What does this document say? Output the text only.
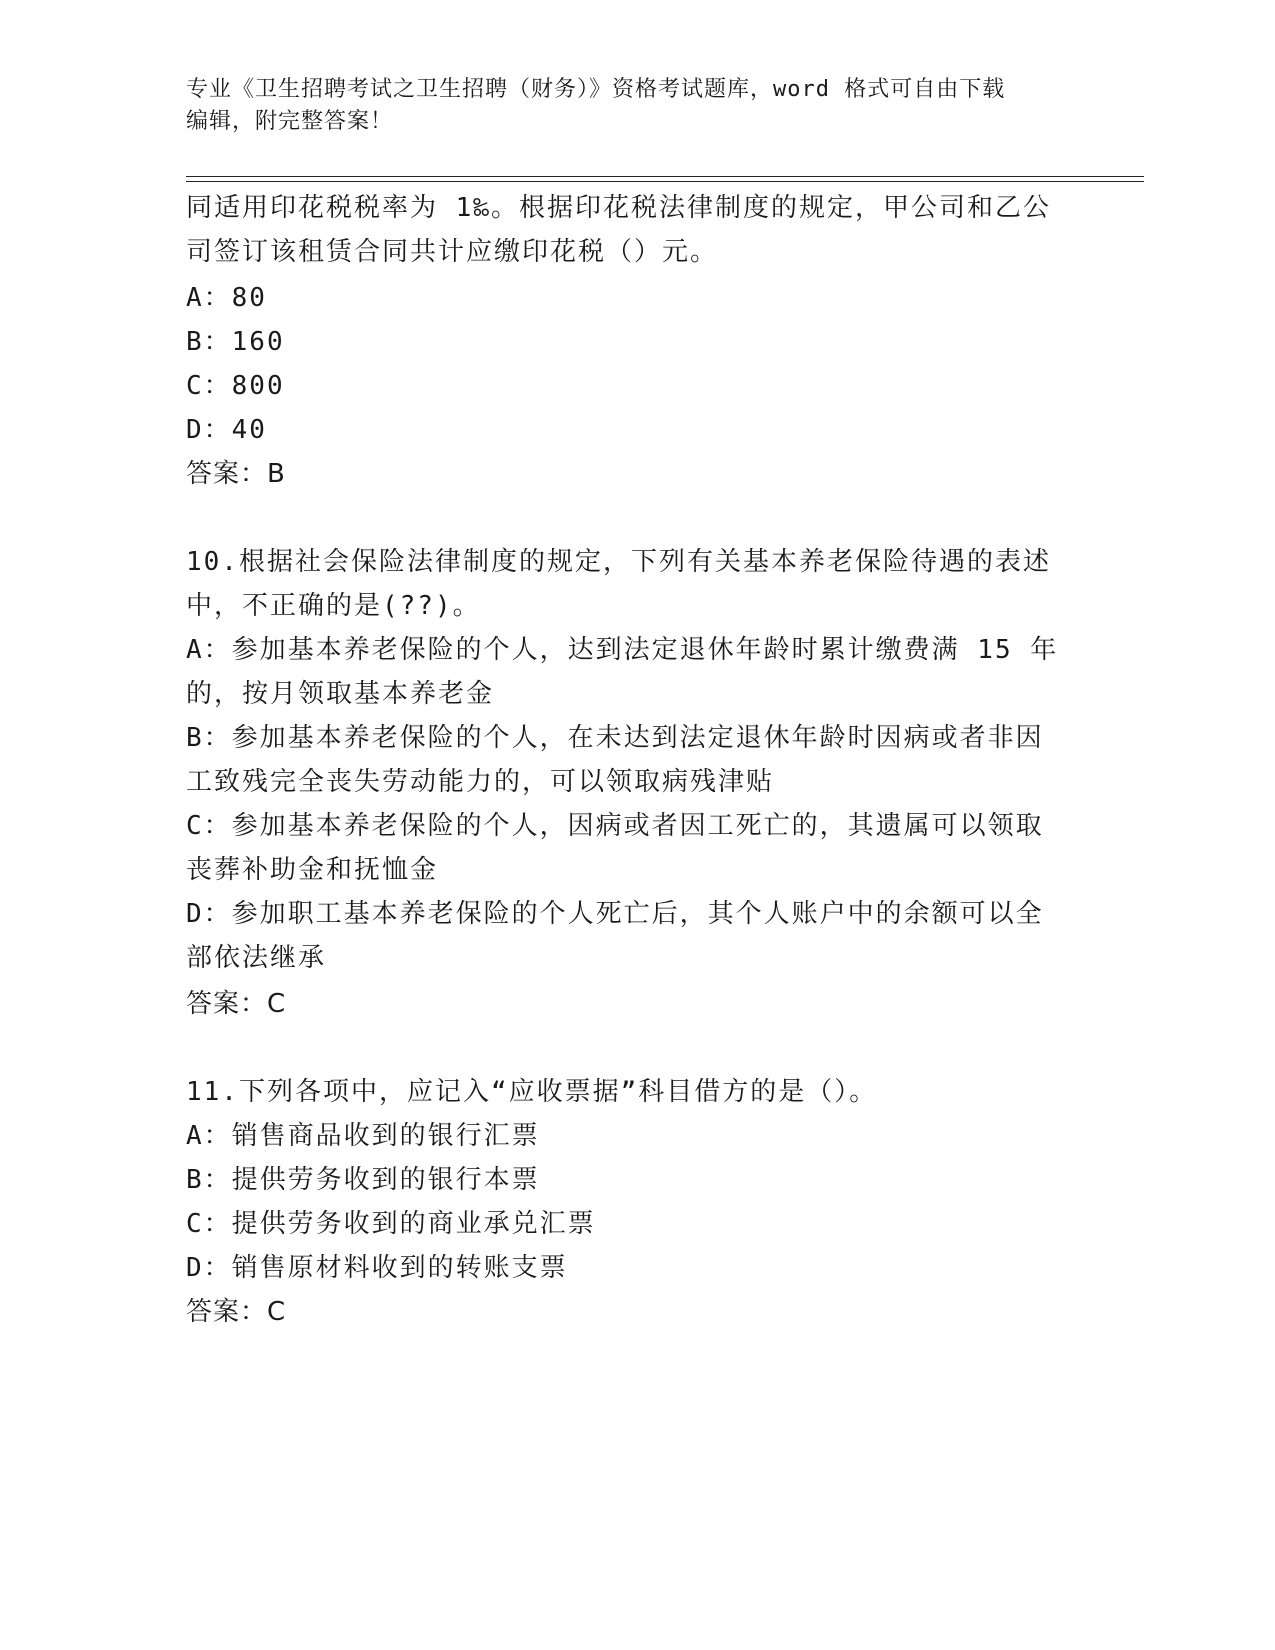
专业《卫生招聘考试之卫生招聘（财务）》资格考试题库，word 格式可自由下载
编辑，附完整答案！
同适用印花税税率为 1‰。根据印花税法律制度的规定，甲公司和乙公
司签订该租赁合同共计应缴印花税（）元。
A：80
B：160
C：800
D：40
答案：B
10.根据社会保险法律制度的规定，下列有关基本养老保险待遇的表述
中，不正确的是(??)。
A：参加基本养老保险的个人，达到法定退休年龄时累计缴费满 15 年
的，按月领取基本养老金
B：参加基本养老保险的个人，在未达到法定退休年龄时因病或者非因
工致残完全丧失劳动能力的，可以领取病残津贴
C：参加基本养老保险的个人，因病或者因工死亡的，其遗属可以领取
丧葬补助金和抚恤金
D：参加职工基本养老保险的个人死亡后，其个人账户中的余额可以全
部依法继承
答案：C
11.下列各项中，应记入“应收票据”科目借方的是（）。
A：销售商品收到的银行汇票
B：提供劳务收到的银行本票
C：提供劳务收到的商业承兑汇票
D：销售原材料收到的转账支票
答案：C
